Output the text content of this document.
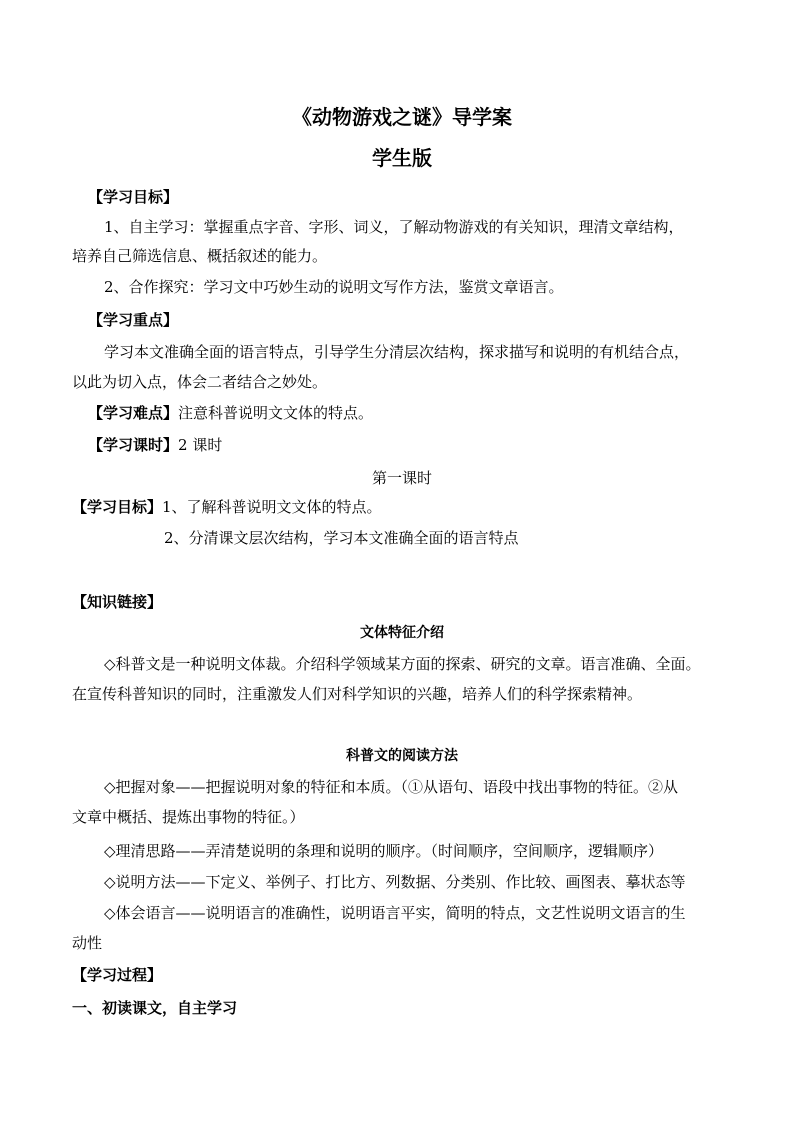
《动物游戏之谜》导学案
学生版
【学习目标】
1、自主学习：掌握重点字音、字形、词义，了解动物游戏的有关知识，理清文章结构，
培养自己筛选信息、概括叙述的能力。
2、合作探究：学习文中巧妙生动的说明文写作方法，鉴赏文章语言。
【学习重点】
学习本文准确全面的语言特点，引导学生分清层次结构，探求描写和说明的有机结合点，
以此为切入点，体会二者结合之妙处。
【学习难点】注意科普说明文文体的特点。
【学习课时】2 课时
第一课时
【学习目标】1、了解科普说明文文体的特点。
2、分清课文层次结构，学习本文准确全面的语言特点
【知识链接】
文体特征介绍
◇科普文是一种说明文体裁。介绍科学领域某方面的探索、研究的文章。语言准确、全面。
在宣传科普知识的同时，注重激发人们对科学知识的兴趣，培养人们的科学探索精神。
科普文的阅读方法
◇把握对象——把握说明对象的特征和本质。（①从语句、语段中找出事物的特征。②从
文章中概括、提炼出事物的特征。）
◇理清思路——弄清楚说明的条理和说明的顺序。（时间顺序，空间顺序，逻辑顺序）
◇说明方法——下定义、举例子、打比方、列数据、分类别、作比较、画图表、摹状态等
◇体会语言——说明语言的准确性，说明语言平实，简明的特点，文艺性说明文语言的生
动性
【学习过程】
一、初读课文，自主学习
